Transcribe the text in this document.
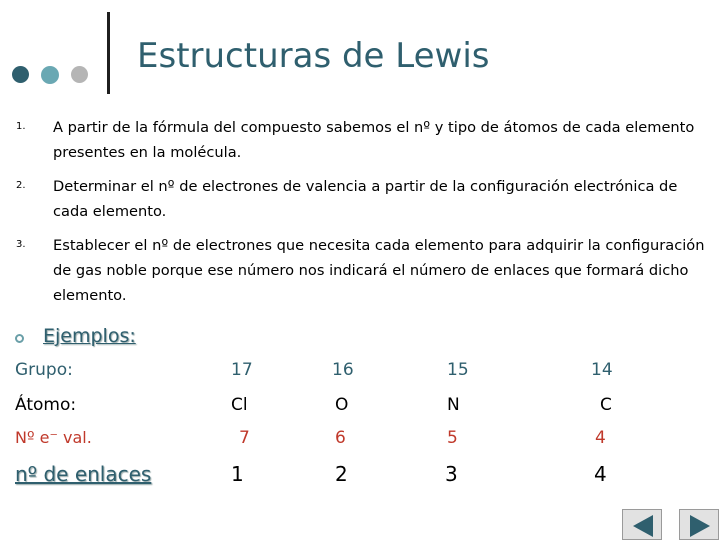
Estructuras de Lewis
1. A partir de la fórmula del compuesto sabemos el nº y tipo de átomos de cada elemento presentes en la molécula.
2. Determinar el nº de electrones de valencia a partir de la configuración electrónica de cada elemento.
3. Establecer el nº de electrones que necesita cada elemento para adquirir la configuración de gas noble porque ese número nos indicará el número de enlaces que formará dicho elemento.
Ejemplos:
Grupo:	17	16	15	14
Átomo:	Cl	O	N	C
Nº e⁻ val.	7	6	5	4
nº de enlaces	1	2	3	4
